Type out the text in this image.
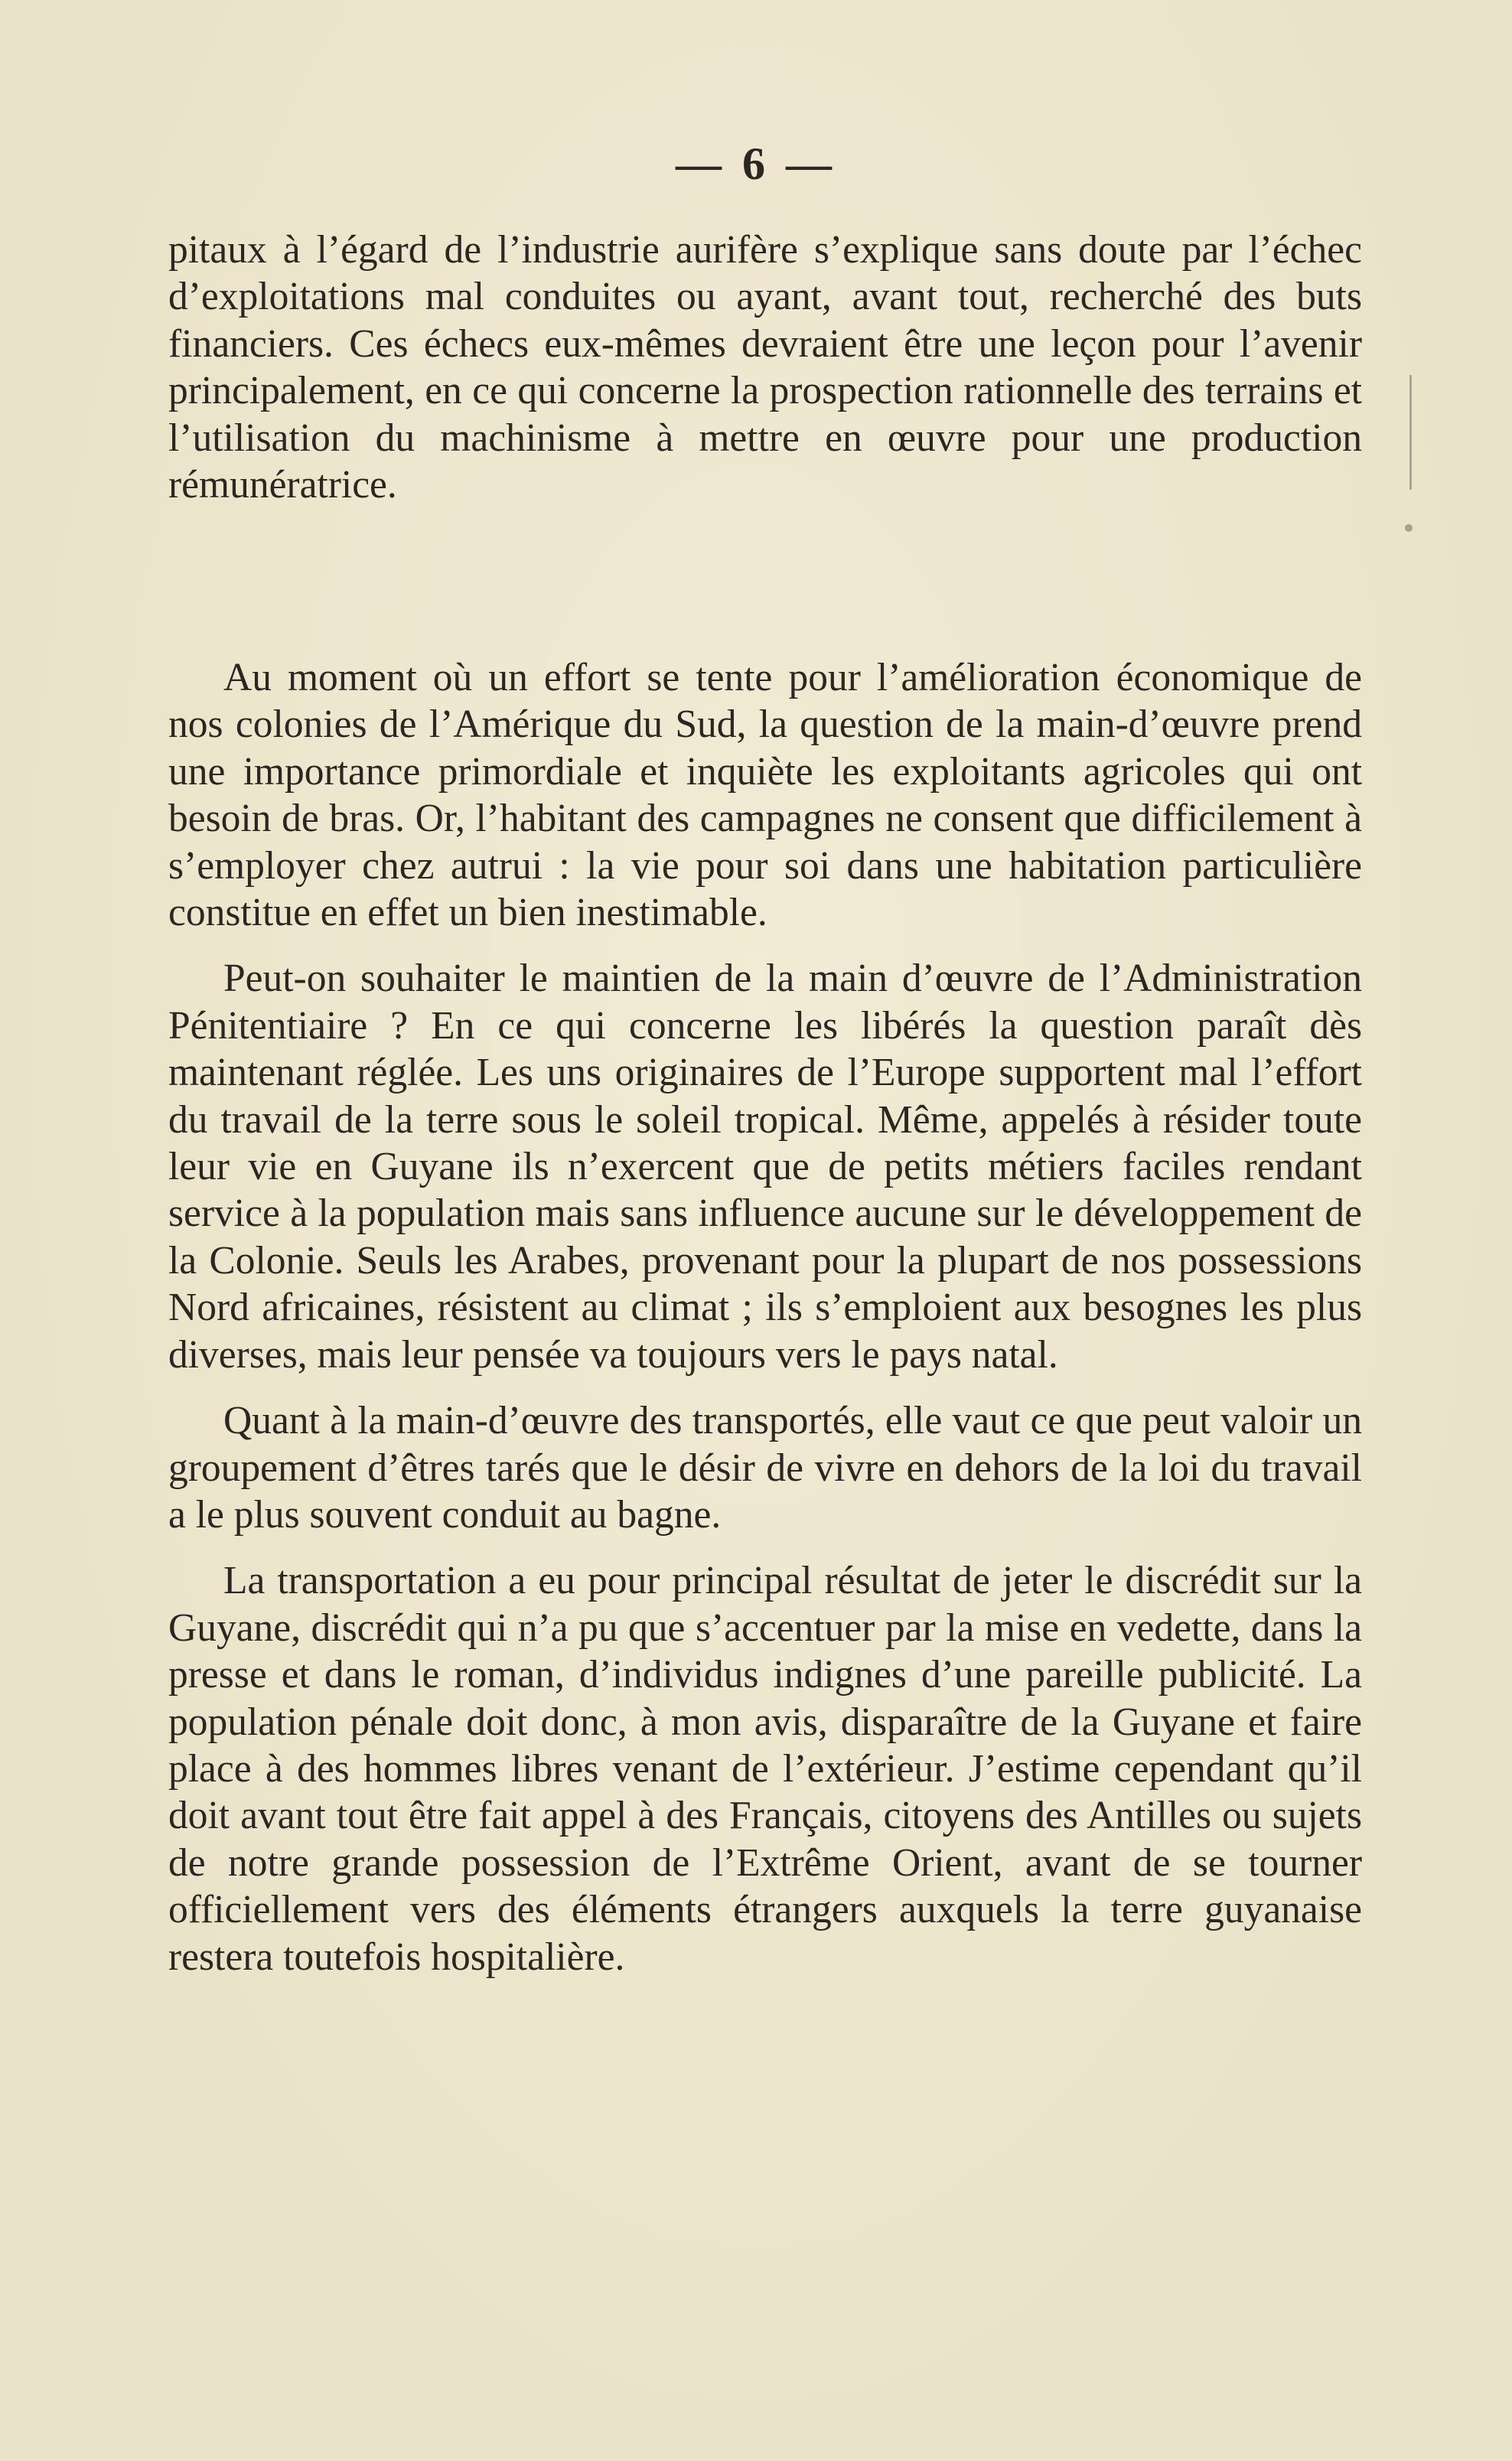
— 6 —

pitaux à l’égard de l’industrie aurifère s’explique sans doute par l’échec d’exploitations mal conduites ou ayant, avant tout, recherché des buts financiers. Ces échecs eux-mêmes devraient être une leçon pour l’avenir principalement, en ce qui concerne la prospection rationnelle des terrains et l’utilisation du machinisme à mettre en œuvre pour une production rémunératrice.

Au moment où un effort se tente pour l’amélioration économique de nos colonies de l’Amérique du Sud, la question de la main-d’œuvre prend une importance primordiale et inquiète les exploitants agricoles qui ont besoin de bras. Or, l’habitant des campagnes ne consent que difficilement à s’employer chez autrui : la vie pour soi dans une habitation particulière constitue en effet un bien inestimable.

Peut-on souhaiter le maintien de la main d’œuvre de l’Administration Pénitentiaire ? En ce qui concerne les libérés la question paraît dès maintenant réglée. Les uns originaires de l’Europe supportent mal l’effort du travail de la terre sous le soleil tropical. Même, appelés à résider toute leur vie en Guyane ils n’exercent que de petits métiers faciles rendant service à la population mais sans influence aucune sur le développement de la Colonie. Seuls les Arabes, provenant pour la plupart de nos possessions Nord africaines, résistent au climat ; ils s’emploient aux besognes les plus diverses, mais leur pensée va toujours vers le pays natal.

Quant à la main-d’œuvre des transportés, elle vaut ce que peut valoir un groupement d’êtres tarés que le désir de vivre en dehors de la loi du travail a le plus souvent conduit au bagne.

La transportation a eu pour principal résultat de jeter le discrédit sur la Guyane, discrédit qui n’a pu que s’accentuer par la mise en vedette, dans la presse et dans le roman, d’individus indignes d’une pareille publicité. La population pénale doit donc, à mon avis, disparaître de la Guyane et faire place à des hommes libres venant de l’extérieur. J’estime cependant qu’il doit avant tout être fait appel à des Français, citoyens des Antilles ou sujets de notre grande possession de l’Extrême Orient, avant de se tourner officiellement vers des éléments étrangers auxquels la terre guyanaise restera toutefois hospitalière.
